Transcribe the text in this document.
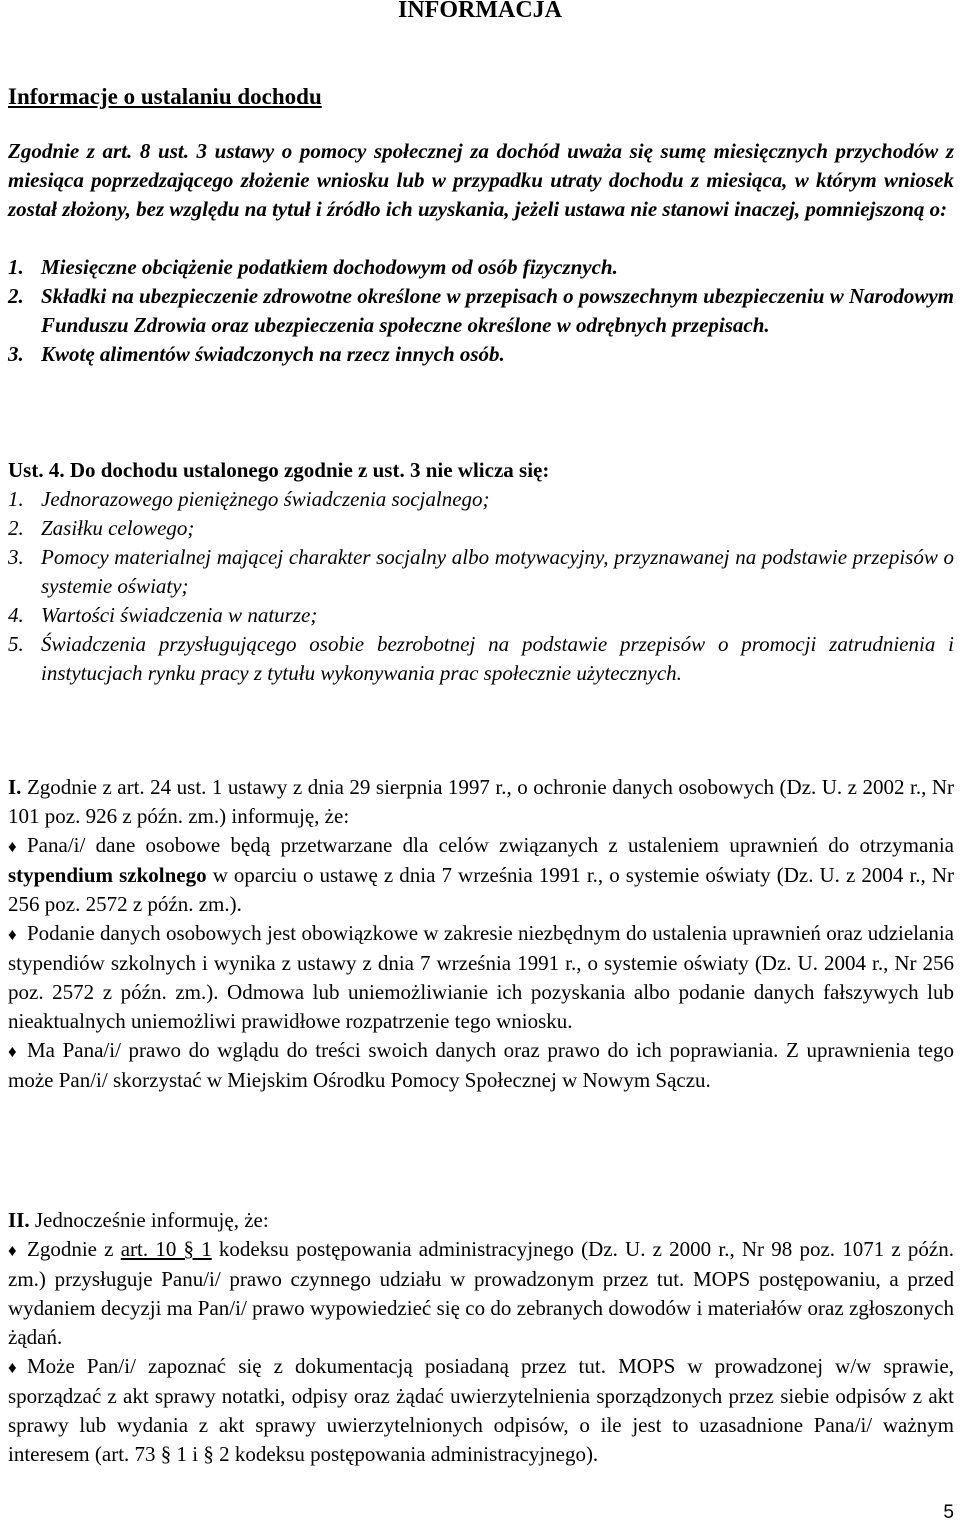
INFORMACJA
Informacje o ustalaniu dochodu
Zgodnie z art. 8 ust. 3 ustawy o pomocy społecznej za dochód uważa się sumę miesięcznych przychodów z miesiąca poprzedzającego złożenie wniosku lub w przypadku utraty dochodu z miesiąca, w którym wniosek został złożony, bez względu na tytuł i źródło ich uzyskania, jeżeli ustawa nie stanowi inaczej, pomniejszoną o:
1. Miesięczne obciążenie podatkiem dochodowym od osób fizycznych.
2. Składki na ubezpieczenie zdrowotne określone w przepisach o powszechnym ubezpieczeniu w Narodowym Funduszu Zdrowia oraz ubezpieczenia społeczne określone w odrębnych przepisach.
3. Kwotę alimentów świadczonych na rzecz innych osób.
Ust. 4. Do dochodu ustalonego zgodnie z ust. 3 nie wlicza się:
1. Jednorazowego pieniężnego świadczenia socjalnego;
2. Zasiłku celowego;
3. Pomocy materialnej mającej charakter socjalny albo motywacyjny, przyznawanej na podstawie przepisów o systemie oświaty;
4. Wartości świadczenia w naturze;
5. Świadczenia przysługującego osobie bezrobotnej na podstawie przepisów o promocji zatrudnienia i instytucjach rynku pracy z tytułu wykonywania prac społecznie użytecznych.
I. Zgodnie z art. 24 ust. 1 ustawy z dnia 29 sierpnia 1997 r., o ochronie danych osobowych (Dz. U. z 2002 r., Nr 101 poz. 926 z późn. zm.) informuję, że:
♦ Pana/i/ dane osobowe będą przetwarzane dla celów związanych z ustaleniem uprawnień do otrzymania stypendium szkolnego w oparciu o ustawę z dnia 7 września 1991 r., o systemie oświaty (Dz. U. z 2004 r., Nr 256 poz. 2572 z późn. zm.).
♦ Podanie danych osobowych jest obowiązkowe w zakresie niezbędnym do ustalenia uprawnień oraz udzielania stypendiów szkolnych i wynika z ustawy z dnia 7 września 1991 r., o systemie oświaty (Dz. U. 2004 r., Nr 256 poz. 2572 z późn. zm.). Odmowa lub uniemożliwianie ich pozyskania albo podanie danych fałszywych lub nieaktualnych uniemożliwi prawidłowe rozpatrzenie tego wniosku.
♦ Ma Pana/i/ prawo do wglądu do treści swoich danych oraz prawo do ich poprawiania. Z uprawnienia tego może Pan/i/ skorzystać w Miejskim Ośrodku Pomocy Społecznej w Nowym Sączu.
II. Jednocześnie informuję, że:
♦ Zgodnie z art. 10 § 1 kodeksu postępowania administracyjnego (Dz. U. z 2000 r., Nr 98 poz. 1071 z późn. zm.) przysługuje Panu/i/ prawo czynnego udziału w prowadzonym przez tut. MOPS postępowaniu, a przed wydaniem decyzji ma Pan/i/ prawo wypowiedzieć się co do zebranych dowodów i materiałów oraz zgłoszonych żądań.
♦ Może Pan/i/ zapoznać się z dokumentacją posiadaną przez tut. MOPS w prowadzonej w/w sprawie, sporządzać z akt sprawy notatki, odpisy oraz żądać uwierzytelnienia sporządzonych przez siebie odpisów z akt sprawy lub wydania z akt sprawy uwierzytelnionych odpisów, o ile jest to uzasadnione Pana/i/ ważnym interesem (art. 73 § 1 i § 2 kodeksu postępowania administracyjnego).
5
